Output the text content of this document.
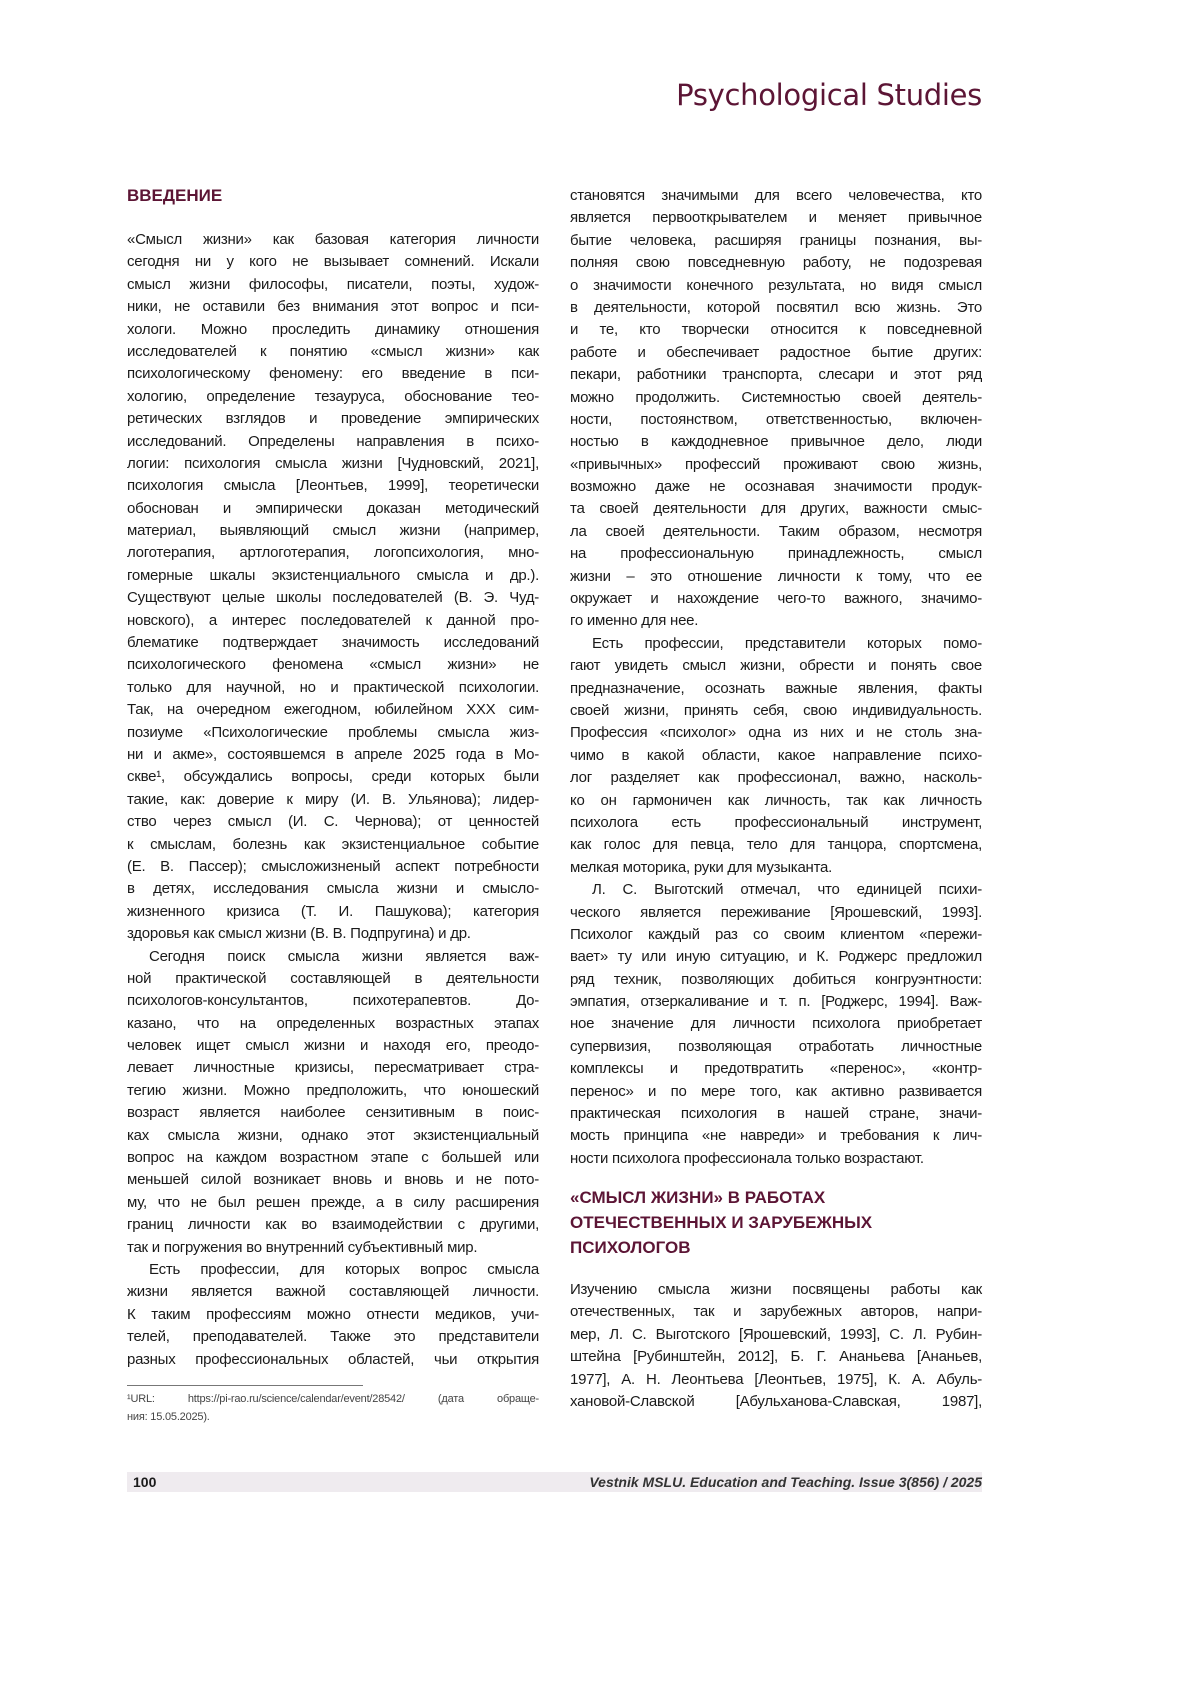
Psychological Studies
ВВЕДЕНИЕ
«Смысл жизни» как базовая категория личности
сегодня ни у кого не вызывает сомнений. Искали
смысл жизни философы, писатели, поэты, худож-
ники, не оставили без внимания этот вопрос и пси-
хологи. Можно проследить динамику отношения
исследователей к понятию «смысл жизни» как
психологическому феномену: его введение в пси-
хологию, определение тезауруса, обоснование тео-
ретических взглядов и проведение эмпирических
исследований. Определены направления в психо-
логии: психология смысла жизни [Чудновский, 2021],
психология смысла [Леонтьев, 1999], теоретически
обоснован и эмпирически доказан методический
материал, выявляющий смысл жизни (например,
логотерапия, артлоготерапия, логопсихология, мно-
гомерные шкалы экзистенциального смысла и др.).
Существуют целые школы последователей (В. Э. Чуд-
новского), а интерес последователей к данной про-
блематике подтверждает значимость исследований
психологического феномена «смысл жизни» не
только для научной, но и практической психологии.
Так, на очередном ежегодном, юбилейном XXX сим-
позиуме «Психологические проблемы смысла жиз-
ни и акме», состоявшемся в апреле 2025 года в Мо-
скве¹, обсуждались вопросы, среди которых были
такие, как: доверие к миру (И. В. Ульянова); лидер-
ство через смысл (И. С. Чернова); от ценностей
к смыслам, болезнь как экзистенциальное событие
(Е. В. Пассер); смысложизненый аспект потребности
в детях, исследования смысла жизни и смысло-
жизненного кризиса (Т. И. Пашукова); категория
здоровья как смысл жизни (В. В. Подпругина) и др.
Сегодня поиск смысла жизни является важ-
ной практической составляющей в деятельности
психологов-консультантов, психотерапевтов. До-
казано, что на определенных возрастных этапах
человек ищет смысл жизни и находя его, преодо-
левает личностные кризисы, пересматривает стра-
тегию жизни. Можно предположить, что юношеский
возраст является наиболее сензитивным в поис-
ках смысла жизни, однако этот экзистенциальный
вопрос на каждом возрастном этапе с большей или
меньшей силой возникает вновь и вновь и не пото-
му, что не был решен прежде, а в силу расширения
границ личности как во взаимодействии с другими,
так и погружения во внутренний субъективный мир.
Есть профессии, для которых вопрос смысла
жизни является важной составляющей личности.
К таким профессиям можно отнести медиков, учи-
телей, преподавателей. Также это представители
разных профессиональных областей, чьи открытия
становятся значимыми для всего человечества, кто
является первооткрывателем и меняет привычное
бытие человека, расширяя границы познания, вы-
полняя свою повседневную работу, не подозревая
о значимости конечного результата, но видя смысл
в деятельности, которой посвятил всю жизнь. Это
и те, кто творчески относится к повседневной
работе и обеспечивает радостное бытие других:
пекари, работники транспорта, слесари и этот ряд
можно продолжить. Системностью своей деятель-
ности, постоянством, ответственностью, включен-
ностью в каждодневное привычное дело, люди
«привычных» профессий проживают свою жизнь,
возможно даже не осознавая значимости продук-
та своей деятельности для других, важности смыс-
ла своей деятельности. Таким образом, несмотря
на профессиональную принадлежность, смысл
жизни – это отношение личности к тому, что ее
окружает и нахождение чего-то важного, значимо-
го именно для нее.
Есть профессии, представители которых помо-
гают увидеть смысл жизни, обрести и понять свое
предназначение, осознать важные явления, факты
своей жизни, принять себя, свою индивидуальность.
Профессия «психолог» одна из них и не столь зна-
чимо в какой области, какое направление психо-
лог разделяет как профессионал, важно, насколь-
ко он гармоничен как личность, так как личность
психолога есть профессиональный инструмент,
как голос для певца, тело для танцора, спортсмена,
мелкая моторика, руки для музыканта.
Л. С. Выготский отмечал, что единицей психи-
ческого является переживание [Ярошевский, 1993].
Психолог каждый раз со своим клиентом «пережи-
вает» ту или иную ситуацию, и К. Роджерс предложил
ряд техник, позволяющих добиться конгруэнтности:
эмпатия, отзеркаливание и т. п. [Роджерс, 1994]. Важ-
ное значение для личности психолога приобретает
супервизия, позволяющая отработать личностные
комплексы и предотвратить «перенос», «контр-
перенос» и по мере того, как активно развивается
практическая психология в нашей стране, значи-
мость принципа «не навреди» и требования к лич-
ности психолога профессионала только возрастают.
«СМЫСЛ ЖИЗНИ» В РАБОТАХ
ОТЕЧЕСТВЕННЫХ И ЗАРУБЕЖНЫХ
ПСИХОЛОГОВ
Изучению смысла жизни посвящены работы как
отечественных, так и зарубежных авторов, напри-
мер, Л. С. Выготского [Ярошевский, 1993], С. Л. Рубин-
штейна [Рубинштейн, 2012], Б. Г. Ананьева [Ананьев,
1977], А. Н. Леонтьева [Леонтьев, 1975], К. А. Абуль-
хановой-Славской [Абульханова-Славская, 1987],
¹URL: https://pi-rao.ru/science/calendar/event/28542/ (дата обраще-
ния: 15.05.2025).
100	Vestnik MSLU. Education and Teaching. Issue 3(856) / 2025
